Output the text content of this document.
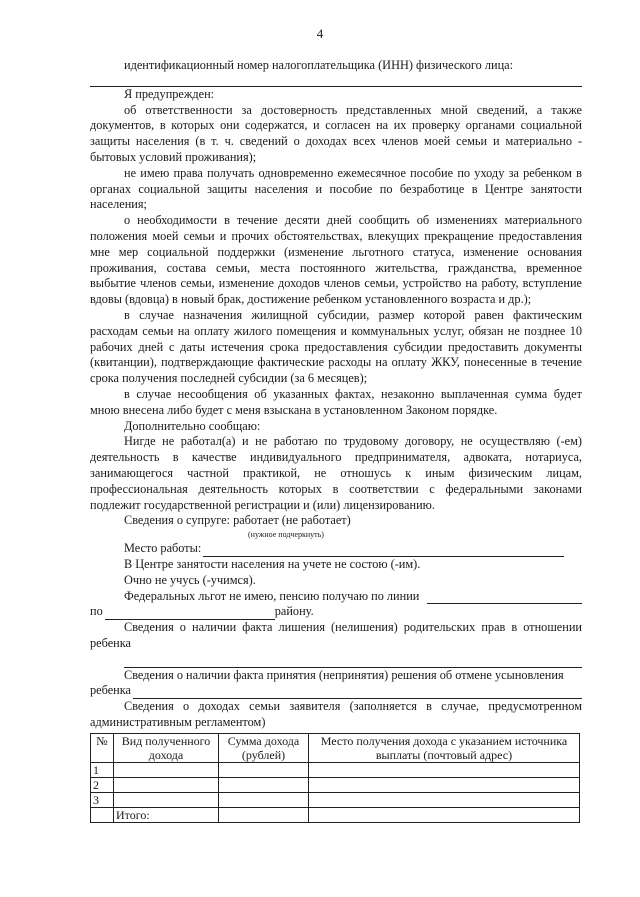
4

идентификационный номер налогоплательщика (ИНН) физического лица:

Я предупрежден:

об ответственности за достоверность представленных мной сведений, а также документов, в которых они содержатся, и согласен на их проверку органами социальной защиты населения (в т. ч. сведений о доходах всех членов моей семьи и материально - бытовых условий проживания);

не имею права получать одновременно ежемесячное пособие по уходу за ребенком в органах социальной защиты населения и пособие по безработице в Центре занятости населения;

о необходимости в течение десяти дней сообщить об изменениях материального положения моей семьи и прочих обстоятельствах, влекущих прекращение предоставления мне мер социальной поддержки (изменение льготного статуса, изменение основания проживания, состава семьи, места постоянного жительства, гражданства, временное выбытие членов семьи, изменение доходов членов семьи, устройство на работу, вступление вдовы (вдовца) в новый брак, достижение ребенком установленного возраста и др.);

в случае назначения жилищной субсидии, размер которой равен фактическим расходам семьи на оплату жилого помещения и коммунальных услуг, обязан не позднее 10 рабочих дней с даты истечения срока предоставления субсидии предоставить документы (квитанции), подтверждающие фактические расходы на оплату ЖКУ, понесенные в течение срока получения последней субсидии (за 6 месяцев);

в случае несообщения об указанных фактах, незаконно выплаченная сумма будет мною внесена либо будет с меня взыскана в установленном Законом порядке.

Дополнительно сообщаю:

Нигде не работал(а) и не работаю по трудовому договору, не осуществляю (-ем) деятельность в качестве индивидуального предпринимателя, адвоката, нотариуса, занимающегося частной практикой, не отношусь к иным физическим лицам, профессиональная деятельность которых в соответствии с федеральными законами подлежит государственной регистрации и (или) лицензированию.

Сведения о супруге: работает (не работает)

(нужное подчеркнуть)
Место работы:

В Центре занятости населения на учете не состою (-им).

Очно не учусь (-учимся).

Федеральных льгот не имею, пенсию получаю по линии
по	району.

Сведения о наличии факта лишения (нелишения) родительских прав в отношении ребенка

Сведения о наличии факта принятия (непринятия) решения об отмене усыновления

ребенка

Сведения о доходах семьи заявителя (заполняется в случае, предусмотренном административным регламентом)

№	Вид полученного дохода	Сумма дохода (рублей)	Место получения дохода с указанием источника выплаты (почтовый адрес)
1			
2			
3			
	Итого:		
